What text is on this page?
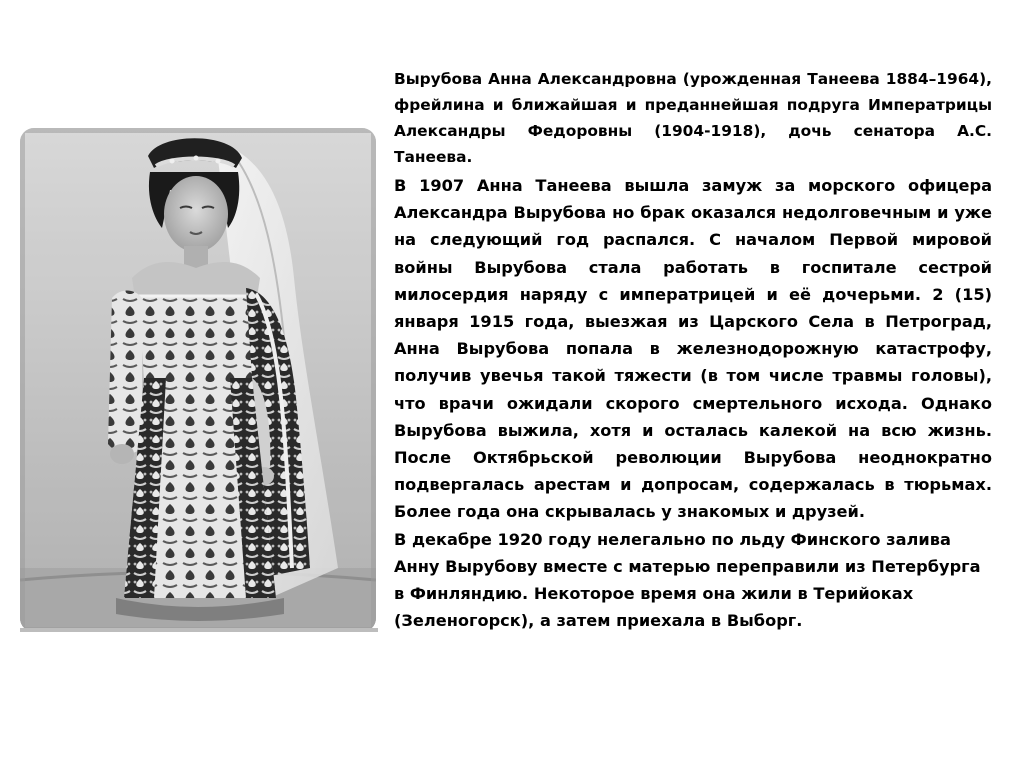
Вырубова Анна Александровна (урожденная Танеева 1884–1964), фрейлина и ближайшая и преданнейшая подруга Императрицы Александры Федоровны (1904-1918), дочь сенатора А.С. Танеева.

В 1907 Анна Танеева вышла замуж за морского офицера Александра Вырубова но брак оказался недолговечным и уже на следующий год распался. С началом Первой мировой войны Вырубова стала работать в госпитале сестрой милосердия наряду с императрицей и её дочерьми. 2 (15) января 1915 года, выезжая из Царского Села в Петроград, Анна Вырубова попала в железнодорожную катастрофу, получив увечья такой тяжести (в том числе травмы головы), что врачи ожидали скорого смертельного исхода. Однако Вырубова выжила, хотя и осталась калекой на всю жизнь. После Октябрьской революции Вырубова неоднократно подвергалась арестам и допросам, содержалась в тюрьмах. Более года она скрывалась у знакомых и друзей.

В декабре 1920 году нелегально по льду Финского залива Анну Вырубову вместе с матерью переправили из Петербурга в Финляндию. Некоторое время она жили в Терийоках (Зеленогорск), а затем приехала в Выборг.
